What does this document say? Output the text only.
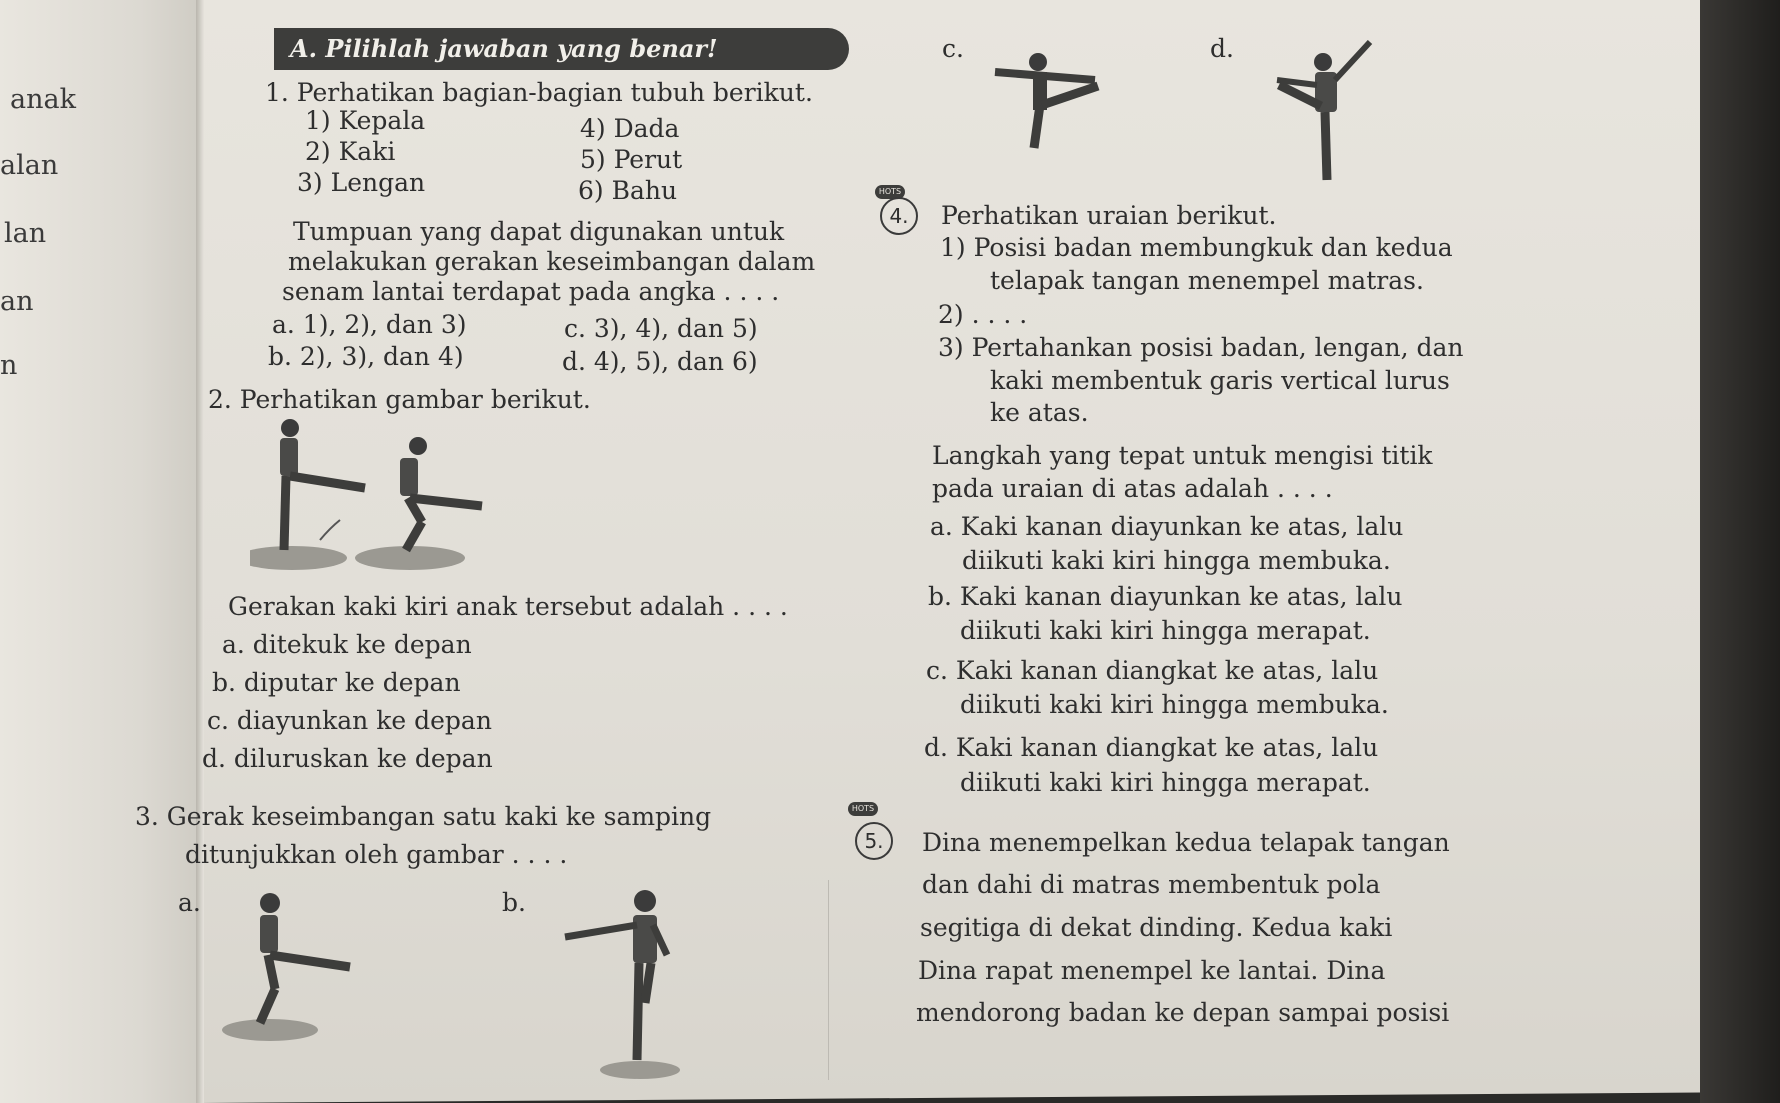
anak
alan
lan
an
n
A. Pilihlah jawaban yang benar!
1. Perhatikan bagian-bagian tubuh berikut.
1) Kepala
2) Kaki
3) Lengan
4) Dada
5) Perut
6) Bahu
Tumpuan yang dapat digunakan untuk
melakukan gerakan keseimbangan dalam
senam lantai terdapat pada angka . . . .
a. 1), 2), dan 3)	c. 3), 4), dan 5)
b. 2), 3), dan 4)	d. 4), 5), dan 6)
2. Perhatikan gambar berikut.
Gerakan kaki kiri anak tersebut adalah . . . .
a. ditekuk ke depan
b. diputar ke depan
c. diayunkan ke depan
d. diluruskan ke depan
3. Gerak keseimbangan satu kaki ke samping
ditunjukkan oleh gambar . . . .
a.	b.
c.	d.
HOTS
4.	Perhatikan uraian berikut.
1) Posisi badan membungkuk dan kedua
telapak tangan menempel matras.
2) . . . .
3) Pertahankan posisi badan, lengan, dan
kaki membentuk garis vertical lurus
ke atas.
Langkah yang tepat untuk mengisi titik
pada uraian di atas adalah . . . .
a. Kaki kanan diayunkan ke atas, lalu
diikuti kaki kiri hingga membuka.
b. Kaki kanan diayunkan ke atas, lalu
diikuti kaki kiri hingga merapat.
c. Kaki kanan diangkat ke atas, lalu
diikuti kaki kiri hingga membuka.
d. Kaki kanan diangkat ke atas, lalu
diikuti kaki kiri hingga merapat.
HOTS
5.	Dina menempelkan kedua telapak tangan
dan dahi di matras membentuk pola
segitiga di dekat dinding. Kedua kaki
Dina rapat menempel ke lantai. Dina
mendorong badan ke depan sampai posisi
